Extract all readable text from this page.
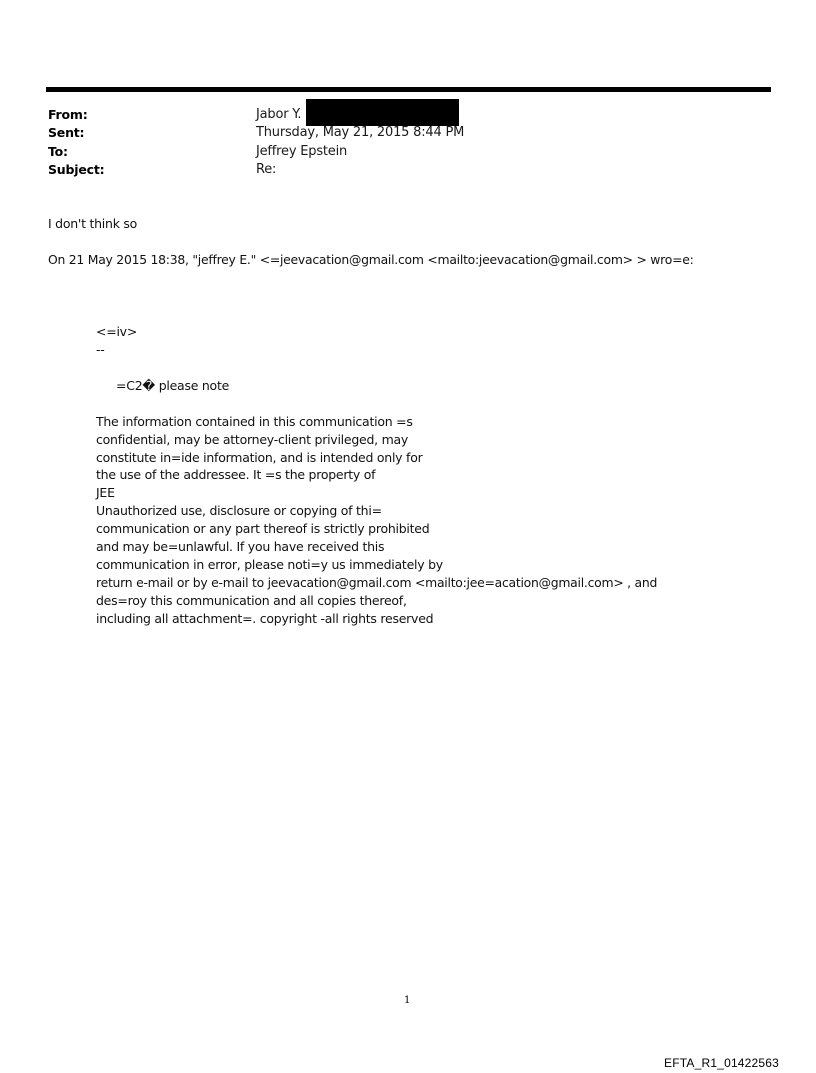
From:	Jabor Y.
Sent:	Thursday, May 21, 2015 8:44 PM
To:	Jeffrey Epstein
Subject:	Re:
I don't think so
On 21 May 2015 18:38, "jeffrey E." <=jeevacation@gmail.com <mailto:jeevacation@gmail.com> > wro=e:
<=iv>
--
=C2� please note
The information contained in this communication =s
confidential, may be attorney-client privileged, may
constitute in=ide information, and is intended only for
the use of the addressee. It =s the property of
JEE
Unauthorized use, disclosure or copying of thi=
communication or any part thereof is strictly prohibited
and may be=unlawful. If you have received this
communication in error, please noti=y us immediately by
return e-mail or by e-mail to jeevacation@gmail.com <mailto:jee=acation@gmail.com> , and
des=roy this communication and all copies thereof,
including all attachment=. copyright -all rights reserved
1
EFTA_R1_01422563
